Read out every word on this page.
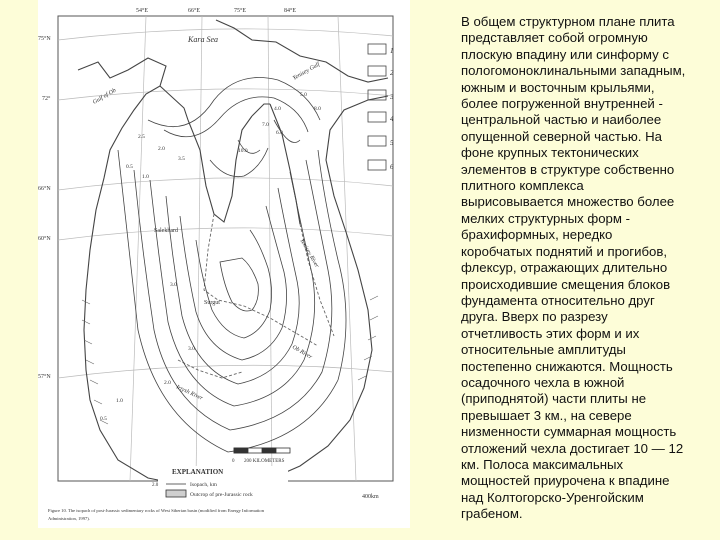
54°E	66°E	75°E	84°E
75°N
72°
66°N
60°N
57°N
Kara Sea
Gulf of Ob
Yenisey Gulf
Salekhard
Surgut
Ob River
Yenisey River
Irtysh River
0.5
1.0
2.0
2.5
3.0
3.5
4.0
5.0
6.0
7.0
8.0
10.0
0.5
1.0
2.0
3.0
1
2
3
4
5
6
0 200 KILOMETERS
400km
EXPLANATION
2.0	Isopach, km
Outcrop of pre-Jurassic rock
Figure 10. The isopach of post-Jurassic sedimentary rocks of West Siberian basin (modified from Energy Information
Administration, 1997).

В общем структурном плане плита
представляет собой огромную
плоскую впадину или синформу с
пологомоноклинальными западным,
южным и восточным крыльями,
более погруженной внутренней -
центральной частью и наиболее
опущенной северной частью. На
фоне крупных тектонических
элементов в структуре собственно
плитного комплекса
вырисовывается множество более
мелких структурных форм -
брахиформных, нередко
коробчатых поднятий и прогибов,
флексур, отражающих длительно
происходившие смещения блоков
фундамента относительно друг
друга. Вверх по разрезу
отчетливость этих форм и их
относительные амплитуды
постепенно снижаются. Мощность
осадочного чехла в южной
(приподнятой) части плиты не
превышает 3 км., на севере
низменности суммарная мощность
отложений чехла достигает 10 — 12
км. Полоса максимальных
мощностей приурочена к впадине
над Колтогорско-Уренгойским
грабеном.
